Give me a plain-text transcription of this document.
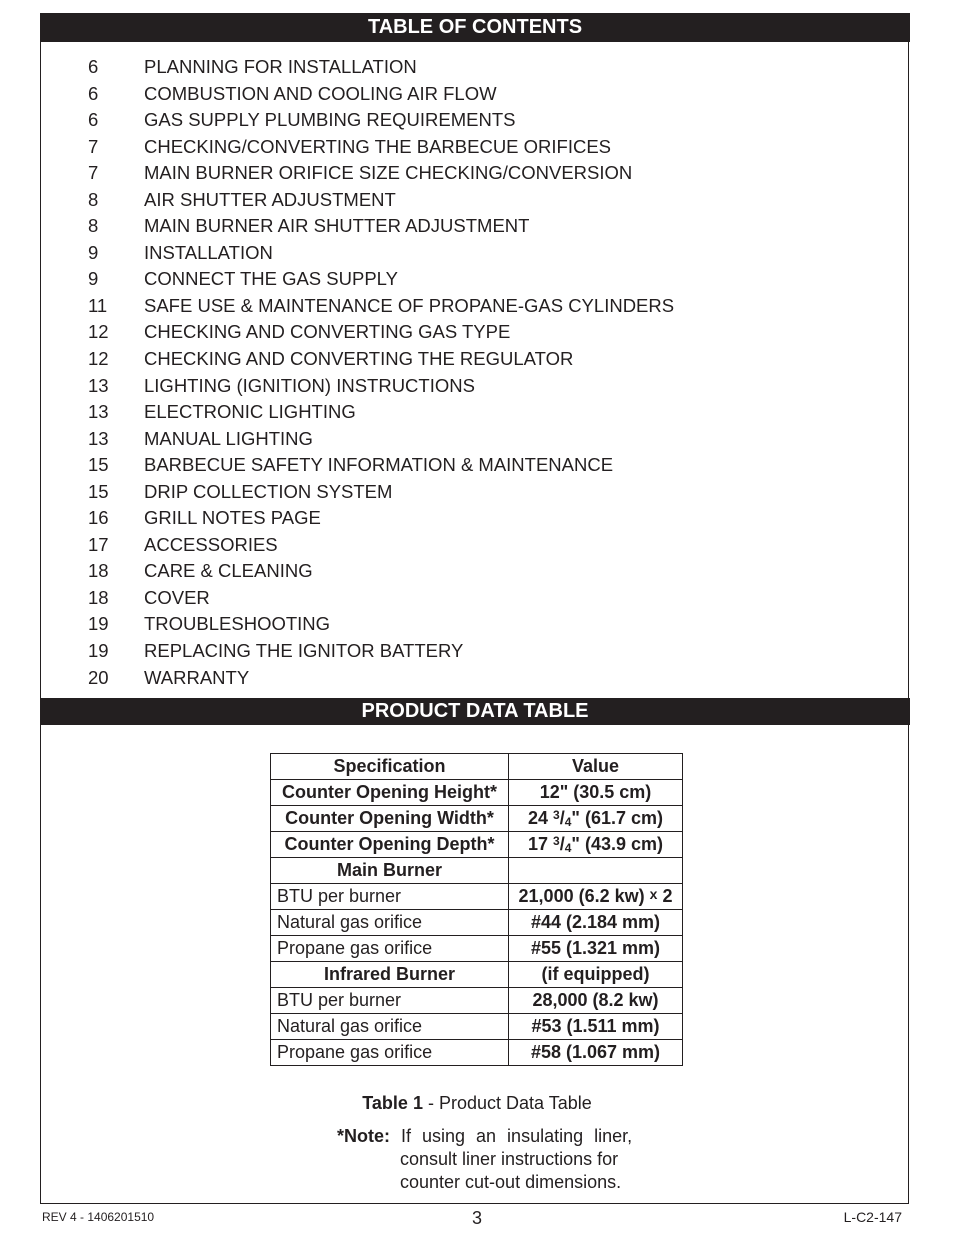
TABLE OF CONTENTS
6	PLANNING FOR INSTALLATION
6	COMBUSTION AND COOLING AIR FLOW
6	GAS SUPPLY PLUMBING REQUIREMENTS
7	CHECKING/CONVERTING THE BARBECUE ORIFICES
7	MAIN BURNER ORIFICE SIZE CHECKING/CONVERSION
8	AIR SHUTTER ADJUSTMENT
8	MAIN BURNER AIR SHUTTER ADJUSTMENT
9	INSTALLATION
9	CONNECT THE GAS SUPPLY
11	SAFE USE & MAINTENANCE OF PROPANE-GAS CYLINDERS
12	CHECKING AND CONVERTING GAS TYPE
12	CHECKING AND CONVERTING THE REGULATOR
13	LIGHTING (IGNITION) INSTRUCTIONS
13	ELECTRONIC LIGHTING
13	MANUAL LIGHTING
15	BARBECUE SAFETY INFORMATION & MAINTENANCE
15	DRIP COLLECTION SYSTEM
16	GRILL NOTES PAGE
17	ACCESSORIES
18	CARE & CLEANING
18	COVER
19	TROUBLESHOOTING
19	REPLACING THE IGNITOR BATTERY
20	WARRANTY
PRODUCT DATA TABLE
Specification	Value
Counter Opening Height*	12" (30.5 cm)
Counter Opening Width*	24 $^3/_4$" (61.7 cm)
Counter Opening Depth*	17 $^3/_4$" (43.9 cm)
Main Burner	
BTU per burner	21,000 (6.2 kw) x 2
Natural gas orifice	#44 (2.184 mm)
Propane gas orifice	#55 (1.321 mm)
Infrared Burner	(if equipped)
BTU per burner	28,000 (8.2 kw)
Natural gas orifice	#53 (1.511 mm)
Propane gas orifice	#58 (1.067 mm)
Table 1 - Product Data Table
*Note: If using an insulating liner,
consult liner instructions for
counter cut-out dimensions.
REV 4 - 1406201510	3	L-C2-147
